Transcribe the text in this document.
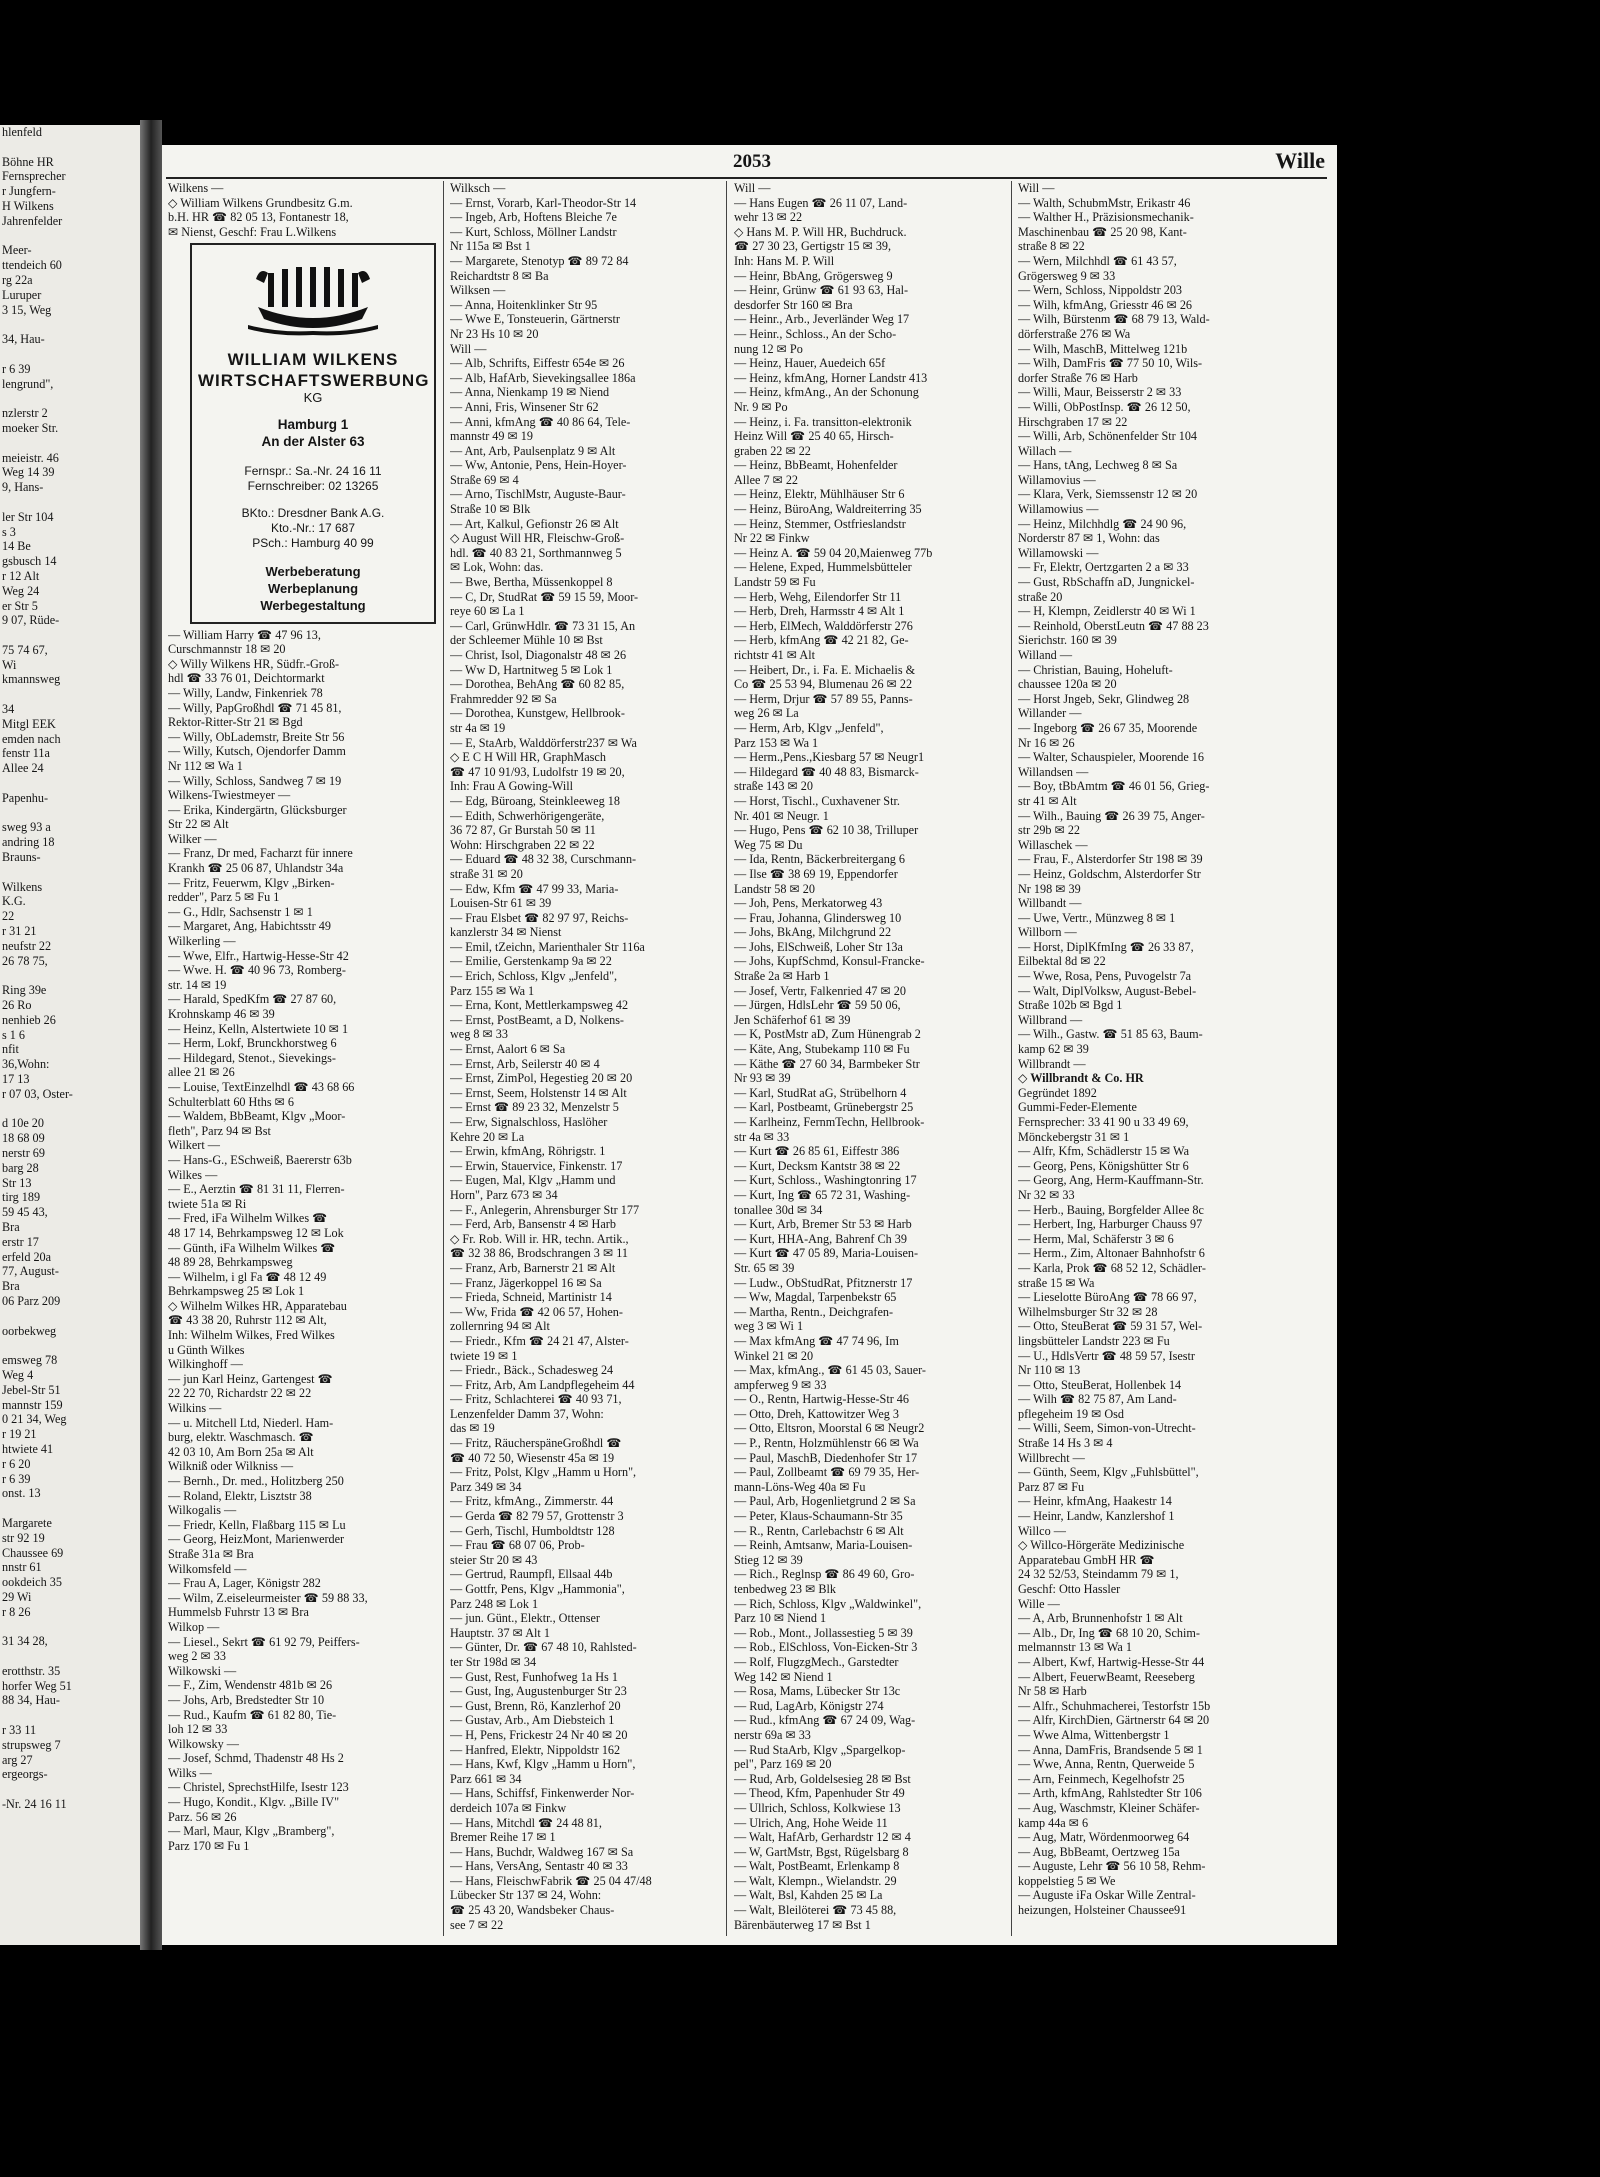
hlenfeld

Böhne HR
Fernsprecher
r Jungfern-
H Wilkens
Jahrenfelder

Meer-
ttendeich 60
rg 22a
Luruper
3 15, Weg

34, Hau-

r 6 39
lengrund",

nzlerstr 2
moeker Str.

meieistr. 46
Weg 14 39
9, Hans-

ler Str 104
s 3
14 Be
gsbusch 14
r 12 Alt
Weg 24
er Str 5
9 07, Rüde-

75 74 67,
Wi
kmannsweg

34
Mitgl EEK
emden nach
fenstr 11a
Allee 24

Papenhu-

sweg 93 a
andring 18
Brauns-

Wilkens
K.G.
22
r 31 21
neufstr 22
26 78 75,

Ring 39e
26 Ro
nenhieb 26
s 1 6
nfit
36,Wohn:
17 13
r 07 03, Oster-

d 10e 20
18 68 09
nerstr 69
barg 28
Str 13
tirg 189
59 45 43,
Bra
erstr 17
erfeld 20a
77, August-
Bra
06 Parz 209

oorbekweg

emsweg 78
Weg 4
Jebel-Str 51
mannstr 159
0 21 34, Weg
r 19 21
htwiete 41
r 6 20
r 6 39
onst. 13

Margarete
str 92 19
Chaussee 69
nnstr 61
ookdeich 35
29 Wi
r 8 26

31 34 28,

erotthstr. 35
horfer Weg 51
88 34, Hau-

r 33 11
strupsweg 7
arg 27
ergeorgs-

-Nr. 24 16 11
2053	Wille
Wilkens —
◇ William Wilkens Grundbesitz G.m.
b.H. HR ☎ 82 05 13, Fontanestr 18,
✉ Nienst, Geschf: Frau L.Wilkens
WILLIAM WILKENS
WIRTSCHAFTSWERBUNG
KG
Hamburg 1
An der Alster 63
Fernspr.: Sa.-Nr. 24 16 11
Fernschreiber: 02 13265
BKto.: Dresdner Bank A.G.
Kto.-Nr.: 17 687
PSch.: Hamburg 40 99
Werbeberatung
Werbeplanung
Werbegestaltung
— William Harry ☎ 47 96 13,
Curschmannstr 18 ✉ 20
◇ Willy Wilkens HR, Südfr.-Groß-
hdl ☎ 33 76 01, Deichtormarkt
— Willy, Landw, Finkenriek 78
— Willy, PapGroßhdl ☎ 71 45 81,
Rektor-Ritter-Str 21 ✉ Bgd
— Willy, ObLademstr, Breite Str 56
— Willy, Kutsch, Ojendorfer Damm
Nr 112 ✉ Wa 1
— Willy, Schloss, Sandweg 7 ✉ 19
Wilkens-Twiestmeyer —
— Erika, Kindergärtn, Glücksburger
Str 22 ✉ Alt
Wilker —
— Franz, Dr med, Facharzt für innere
Krankh ☎ 25 06 87, Uhlandstr 34a
— Fritz, Feuerwm, Klgv „Birken-
redder", Parz 5 ✉ Fu 1
— G., Hdlr, Sachsenstr 1 ✉ 1
— Margaret, Ang, Habichtsstr 49
Wilkerling —
— Wwe, Elfr., Hartwig-Hesse-Str 42
— Wwe. H. ☎ 40 96 73, Romberg-
str. 14 ✉ 19
— Harald, SpedKfm ☎ 27 87 60,
Krohnskamp 46 ✉ 39
— Heinz, Kelln, Alstertwiete 10 ✉ 1
— Herm, Lokf, Brunckhorstweg 6
— Hildegard, Stenot., Sievekings-
allee 21 ✉ 26
— Louise, TextEinzelhdl ☎ 43 68 66
Schulterblatt 60 Hths ✉ 6
— Waldem, BbBeamt, Klgv „Moor-
fleth", Parz 94 ✉ Bst
Wilkert —
— Hans-G., ESchweiß, Baererstr 63b
Wilkes —
— E., Aerztin ☎ 81 31 11, Flerren-
twiete 51a ✉ Ri
— Fred, iFa Wilhelm Wilkes ☎
48 17 14, Behrkampsweg 12 ✉ Lok
— Günth, iFa Wilhelm Wilkes ☎
48 89 28, Behrkampsweg
— Wilhelm, i gl Fa ☎ 48 12 49
Behrkampsweg 25 ✉ Lok 1
◇ Wilhelm Wilkes HR, Apparatebau
☎ 43 38 20, Ruhrstr 112 ✉ Alt,
Inh: Wilhelm Wilkes, Fred Wilkes
u Günth Wilkes
Wilkinghoff —
— jun Karl Heinz, Gartengest ☎
22 22 70, Richardstr 22 ✉ 22
Wilkins —
— u. Mitchell Ltd, Niederl. Ham-
burg, elektr. Waschmasch. ☎
42 03 10, Am Born 25a ✉ Alt
Wilkniß oder Wilkniss —
— Bernh., Dr. med., Holitzberg 250
— Roland, Elektr, Lisztstr 38
Wilkogalis —
— Friedr, Kelln, Flaßbarg 115 ✉ Lu
— Georg, HeizMont, Marienwerder
Straße 31a ✉ Bra
Wilkomsfeld —
— Frau A, Lager, Königstr 282
— Wilm, Z.eiseleurmeister ☎ 59 88 33,
Hummelsb Fuhrstr 13 ✉ Bra
Wilkop —
— Liesel., Sekrt ☎ 61 92 79, Peiffers-
weg 2 ✉ 33
Wilkowski —
— F., Zim, Wendenstr 481b ✉ 26
— Johs, Arb, Bredstedter Str 10
— Rud., Kaufm ☎ 61 82 80, Tie-
loh 12 ✉ 33
Wilkowsky —
— Josef, Schmd, Thadenstr 48 Hs 2
Wilks —
— Christel, SprechstHilfe, Isestr 123
— Hugo, Kondit., Klgv. „Bille IV"
Parz. 56 ✉ 26
— Marl, Maur, Klgv „Bramberg",
Parz 170 ✉ Fu 1
Wilksch —
— Ernst, Vorarb, Karl-Theodor-Str 14
— Ingeb, Arb, Hoftens Bleiche 7e
— Kurt, Schloss, Möllner Landstr
Nr 115a ✉ Bst 1
— Margarete, Stenotyp ☎ 89 72 84
Reichardtstr 8 ✉ Ba
Wilksen —
— Anna, Hoitenklinker Str 95
— Wwe E, Tonsteuerin, Gärtnerstr
Nr 23 Hs 10 ✉ 20
Will —
— Alb, Schrifts, Eiffestr 654e ✉ 26
— Alb, HafArb, Sievekingsallee 186a
— Anna, Nienkamp 19 ✉ Niend
— Anni, Fris, Winsener Str 62
— Anni, kfmAng ☎ 40 86 64, Tele-
mannstr 49 ✉ 19
— Ant, Arb, Paulsenplatz 9 ✉ Alt
— Ww, Antonie, Pens, Hein-Hoyer-
Straße 69 ✉ 4
— Arno, TischlMstr, Auguste-Baur-
Straße 10 ✉ Blk
— Art, Kalkul, Gefionstr 26 ✉ Alt
◇ August Will HR, Fleischw-Groß-
hdl. ☎ 40 83 21, Sorthmannweg 5
✉ Lok, Wohn: das.
— Bwe, Bertha, Müssenkoppel 8
— C, Dr, StudRat ☎ 59 15 59, Moor-
reye 60 ✉ La 1
— Carl, GrünwHdlr. ☎ 73 31 15, An
der Schleemer Mühle 10 ✉ Bst
— Christ, Isol, Diagonalstr 48 ✉ 26
— Ww D, Hartnitweg 5 ✉ Lok 1
— Dorothea, BehAng ☎ 60 82 85,
Frahmredder 92 ✉ Sa
— Dorothea, Kunstgew, Hellbrook-
str 4a ✉ 19
— E, StaArb, Walddörferstr237 ✉ Wa
◇ E C H Will HR, GraphMasch
☎ 47 10 91/93, Ludolfstr 19 ✉ 20,
Inh: Frau A Gowing-Will
— Edg, Büroang, Steinkleeweg 18
— Edith, Schwerhörigengeräte,
36 72 87, Gr Burstah 50 ✉ 11
Wohn: Hirschgraben 22 ✉ 22
— Eduard ☎ 48 32 38, Curschmann-
straße 31 ✉ 20
— Edw, Kfm ☎ 47 99 33, Maria-
Louisen-Str 61 ✉ 39
— Frau Elsbet ☎ 82 97 97, Reichs-
kanzlerstr 34 ✉ Nienst
— Emil, tZeichn, Marienthaler Str 116a
— Emilie, Gerstenkamp 9a ✉ 22
— Erich, Schloss, Klgv „Jenfeld",
Parz 155 ✉ Wa 1
— Erna, Kont, Mettlerkampsweg 42
— Ernst, PostBeamt, a D, Nolkens-
weg 8 ✉ 33
— Ernst, Aalort 6 ✉ Sa
— Ernst, Arb, Seilerstr 40 ✉ 4
— Ernst, ZimPol, Hegestieg 20 ✉ 20
— Ernst, Seem, Holstenstr 14 ✉ Alt
— Ernst ☎ 89 23 32, Menzelstr 5
— Erw, Signalschloss, Haslöher
Kehre 20 ✉ La
— Erwin, kfmAng, Röhrigstr. 1
— Erwin, Stauervice, Finkenstr. 17
— Eugen, Mal, Klgv „Hamm und
Horn", Parz 673 ✉ 34
— F., Anlegerin, Ahrensburger Str 177
— Ferd, Arb, Bansenstr 4 ✉ Harb
◇ Fr. Rob. Will ir. HR, techn. Artik.,
☎ 32 38 86, Brodschrangen 3 ✉ 11
— Franz, Arb, Barnerstr 21 ✉ Alt
— Franz, Jägerkoppel 16 ✉ Sa
— Frieda, Schneid, Martinistr 14
— Ww, Frida ☎ 42 06 57, Hohen-
zollernring 94 ✉ Alt
— Friedr., Kfm ☎ 24 21 47, Alster-
twiete 19 ✉ 1
— Friedr., Bäck., Schadesweg 24
— Fritz, Arb, Am Landpflegeheim 44
— Fritz, Schlachterei ☎ 40 93 71,
Lenzenfelder Damm 37, Wohn:
das ✉ 19
— Fritz, RäucherspäneGroßhdl ☎
☎ 40 72 50, Wiesenstr 45a ✉ 19
— Fritz, Polst, Klgv „Hamm u Horn",
Parz 349 ✉ 34
— Fritz, kfmAng., Zimmerstr. 44
— Gerda ☎ 82 79 57, Grottenstr 3
— Gerh, Tischl, Humboldtstr 128
— Frau ☎ 68 07 06, Prob-
steier Str 20 ✉ 43
— Gertrud, Raumpfl, Ellsaal 44b
— Gottfr, Pens, Klgv „Hammonia",
Parz 248 ✉ Lok 1
— jun. Günt., Elektr., Ottenser
Hauptstr. 37 ✉ Alt 1
— Günter, Dr. ☎ 67 48 10, Rahlsted-
ter Str 198d ✉ 34
— Gust, Rest, Funhofweg 1a Hs 1
— Gust, Ing, Augustenburger Str 23
— Gust, Brenn, Rö, Kanzlerhof 20
— Gustav, Arb., Am Diebsteich 1
— H, Pens, Frickestr 24 Nr 40 ✉ 20
— Hanfred, Elektr, Nippoldstr 162
— Hans, Kwf, Klgv „Hamm u Horn",
Parz 661 ✉ 34
— Hans, Schiffsf, Finkenwerder Nor-
derdeich 107a ✉ Finkw
— Hans, Mitchdl ☎ 24 48 81,
Bremer Reihe 17 ✉ 1
— Hans, Buchdr, Waldweg 167 ✉ Sa
— Hans, VersAng, Sentastr 40 ✉ 33
— Hans, FleischwFabrik ☎ 25 04 47/48
Lübecker Str 137 ✉ 24, Wohn:
☎ 25 43 20, Wandsbeker Chaus-
see 7 ✉ 22
Will —
— Hans Eugen ☎ 26 11 07, Land-
wehr 13 ✉ 22
◇ Hans M. P. Will HR, Buchdruck.
☎ 27 30 23, Gertigstr 15 ✉ 39,
Inh: Hans M. P. Will
— Heinr, BbAng, Grögersweg 9
— Heinr, Grünw ☎ 61 93 63, Hal-
desdorfer Str 160 ✉ Bra
— Heinr., Arb., Jeverländer Weg 17
— Heinr., Schloss., An der Scho-
nung 12 ✉ Po
— Heinz, Hauer, Auedeich 65f
— Heinz, kfmAng, Horner Landstr 413
— Heinz, kfmAng., An der Schonung
Nr. 9 ✉ Po
— Heinz, i. Fa. transitton-elektronik
Heinz Will ☎ 25 40 65, Hirsch-
graben 22 ✉ 22
— Heinz, BbBeamt, Hohenfelder
Allee 7 ✉ 22
— Heinz, Elektr, Mühlhäuser Str 6
— Heinz, BüroAng, Waldreiterring 35
— Heinz, Stemmer, Ostfrieslandstr
Nr 22 ✉ Finkw
— Heinz A. ☎ 59 04 20,Maienweg 77b
— Helene, Exped, Hummelsbütteler
Landstr 59 ✉ Fu
— Herb, Wehg, Eilendorfer Str 11
— Herb, Dreh, Harmsstr 4 ✉ Alt 1
— Herb, ElMech, Walddörferstr 276
— Herb, kfmAng ☎ 42 21 82, Ge-
richtstr 41 ✉ Alt
— Heibert, Dr., i. Fa. E. Michaelis &
Co ☎ 25 53 94, Blumenau 26 ✉ 22
— Herm, Drjur ☎ 57 89 55, Panns-
weg 26 ✉ La
— Herm, Arb, Klgv „Jenfeld",
Parz 153 ✉ Wa 1
— Herm.,Pens.,Kiesbarg 57 ✉ Neugr1
— Hildegard ☎ 40 48 83, Bismarck-
straße 143 ✉ 20
— Horst, Tischl., Cuxhavener Str.
Nr. 401 ✉ Neugr. 1
— Hugo, Pens ☎ 62 10 38, Trilluper
Weg 75 ✉ Du
— Ida, Rentn, Bäckerbreitergang 6
— Ilse ☎ 38 69 19, Eppendorfer
Landstr 58 ✉ 20
— Joh, Pens, Merkatorweg 43
— Frau, Johanna, Glindersweg 10
— Johs, BkAng, Milchgrund 22
— Johs, ElSchweiß, Loher Str 13a
— Johs, KupfSchmd, Konsul-Francke-
Straße 2a ✉ Harb 1
— Josef, Vertr, Falkenried 47 ✉ 20
— Jürgen, HdlsLehr ☎ 59 50 06,
Jen Schäferhof 61 ✉ 39
— K, PostMstr aD, Zum Hünengrab 2
— Käte, Ang, Stubekamp 110 ✉ Fu
— Käthe ☎ 27 60 34, Barmbeker Str
Nr 93 ✉ 39
— Karl, StudRat aG, Strübelhorn 4
— Karl, Postbeamt, Grünebergstr 25
— Karlheinz, FernmTechn, Hellbrook-
str 4a ✉ 33
— Kurt ☎ 26 85 61, Eiffestr 386
— Kurt, Decksm Kantstr 38 ✉ 22
— Kurt, Schloss., Washingtonring 17
— Kurt, Ing ☎ 65 72 31, Washing-
tonallee 30d ✉ 34
— Kurt, Arb, Bremer Str 53 ✉ Harb
— Kurt, HHA-Ang, Bahrenf Ch 39
— Kurt ☎ 47 05 89, Maria-Louisen-
Str. 65 ✉ 39
— Ludw., ObStudRat, Pfitznerstr 17
— Ww, Magdal, Tarpenbekstr 65
— Martha, Rentn., Deichgrafen-
weg 3 ✉ Wi 1
— Max kfmAng ☎ 47 74 96, Im
Winkel 21 ✉ 20
— Max, kfmAng., ☎ 61 45 03, Sauer-
ampferweg 9 ✉ 33
— O., Rentn, Hartwig-Hesse-Str 46
— Otto, Dreh, Kattowitzer Weg 3
— Otto, Eltsron, Moorstal 6 ✉ Neugr2
— P., Rentn, Holzmühlenstr 66 ✉ Wa
— Paul, MaschB, Diedenhofer Str 17
— Paul, Zollbeamt ☎ 69 79 35, Her-
mann-Löns-Weg 40a ✉ Fu
— Paul, Arb, Hogenlietgrund 2 ✉ Sa
— Peter, Klaus-Schaumann-Str 35
— R., Rentn, Carlebachstr 6 ✉ Alt
— Reinh, Amtsanw, Maria-Louisen-
Stieg 12 ✉ 39
— Rich., Reglnsp ☎ 86 49 60, Gro-
tenbedweg 23 ✉ Blk
— Rich, Schloss, Klgv „Waldwinkel",
Parz 10 ✉ Niend 1
— Rob., Mont., Jollassestieg 5 ✉ 39
— Rob., ElSchloss, Von-Eicken-Str 3
— Rolf, FlugzgMech., Garstedter
Weg 142 ✉ Niend 1
— Rosa, Mams, Lübecker Str 13c
— Rud, LagArb, Königstr 274
— Rud., kfmAng ☎ 67 24 09, Wag-
nerstr 69a ✉ 33
— Rud StaArb, Klgv „Spargelkop-
pel", Parz 169 ✉ 20
— Rud, Arb, Goldelsesieg 28 ✉ Bst
— Theod, Kfm, Papenhuder Str 49
— Ullrich, Schloss, Kolkwiese 13
— Ulrich, Ang, Hohe Weide 11
— Walt, HafArb, Gerhardstr 12 ✉ 4
— W, GartMstr, Bgst, Rügelsbarg 8
— Walt, PostBeamt, Erlenkamp 8
— Walt, Klempn., Wielandstr. 29
— Walt, Bsl, Kahden 25 ✉ La
— Walt, Bleilöterei ☎ 73 45 88,
Bärenbäuterweg 17 ✉ Bst 1
Will —
— Walth, SchubmMstr, Erikastr 46
— Walther H., Präzisionsmechanik-
Maschinenbau ☎ 25 20 98, Kant-
straße 8 ✉ 22
— Wern, Milchhdl ☎ 61 43 57,
Grögersweg 9 ✉ 33
— Wern, Schloss, Nippoldstr 203
— Wilh, kfmAng, Griesstr 46 ✉ 26
— Wilh, Bürstenm ☎ 68 79 13, Wald-
dörferstraße 276 ✉ Wa
— Wilh, MaschB, Mittelweg 121b
— Wilh, DamFris ☎ 77 50 10, Wils-
dorfer Straße 76 ✉ Harb
— Willi, Maur, Beisserstr 2 ✉ 33
— Willi, ObPostInsp. ☎ 26 12 50,
Hirschgraben 17 ✉ 22
— Willi, Arb, Schönenfelder Str 104
Willach —
— Hans, tAng, Lechweg 8 ✉ Sa
Willamovius —
— Klara, Verk, Siemssenstr 12 ✉ 20
Willamowius —
— Heinz, Milchhdlg ☎ 24 90 96,
Norderstr 87 ✉ 1, Wohn: das
Willamowski —
— Fr, Elektr, Oertzgarten 2 a ✉ 33
— Gust, RbSchaffn aD, Jungnickel-
straße 20
— H, Klempn, Zeidlerstr 40 ✉ Wi 1
— Reinhold, OberstLeutn ☎ 47 88 23
Sierichstr. 160 ✉ 39
Willand —
— Christian, Bauing, Hoheluft-
chaussee 120a ✉ 20
— Horst Jngeb, Sekr, Glindweg 28
Willander —
— Ingeborg ☎ 26 67 35, Moorende
Nr 16 ✉ 26
— Walter, Schauspieler, Moorende 16
Willandsen —
— Boy, tBbAmtm ☎ 46 01 56, Grieg-
str 41 ✉ Alt
— Wilh., Bauing ☎ 26 39 75, Anger-
str 29b ✉ 22
Willaschek —
— Frau, F., Alsterdorfer Str 198 ✉ 39
— Heinz, Goldschm, Alsterdorfer Str
Nr 198 ✉ 39
Willbandt —
— Uwe, Vertr., Münzweg 8 ✉ 1
Willborn —
— Horst, DiplKfmIng ☎ 26 33 87,
Eilbektal 8d ✉ 22
— Wwe, Rosa, Pens, Puvogelstr 7a
— Walt, DiplVolksw, August-Bebel-
Straße 102b ✉ Bgd 1
Willbrand —
— Wilh., Gastw. ☎ 51 85 63, Baum-
kamp 62 ✉ 39
Willbrandt —
◇ Willbrandt & Co. HR
Gegründet 1892
Gummi-Feder-Elemente
Fernsprecher: 33 41 90 u 33 49 69,
Mönckebergstr 31 ✉ 1
— Alfr, Kfm, Schädlerstr 15 ✉ Wa
— Georg, Pens, Königshütter Str 6
— Georg, Ang, Herm-Kauffmann-Str.
Nr 32 ✉ 33
— Herb., Bauing, Borgfelder Allee 8c
— Herbert, Ing, Harburger Chauss 97
— Herm, Mal, Schäferstr 3 ✉ 6
— Herm., Zim, Altonaer Bahnhofstr 6
— Karla, Prok ☎ 68 52 12, Schädler-
straße 15 ✉ Wa
— Lieselotte BüroAng ☎ 78 66 97,
Wilhelmsburger Str 32 ✉ 28
— Otto, SteuBerat ☎ 59 31 57, Wel-
lingsbütteler Landstr 223 ✉ Fu
— U., HdlsVertr ☎ 48 59 57, Isestr
Nr 110 ✉ 13
— Otto, SteuBerat, Hollenbek 14
— Wilh ☎ 82 75 87, Am Land-
pflegeheim 19 ✉ Osd
— Willi, Seem, Simon-von-Utrecht-
Straße 14 Hs 3 ✉ 4
Willbrecht —
— Günth, Seem, Klgv „Fuhlsbüttel",
Parz 87 ✉ Fu
— Heinr, kfmAng, Haakestr 14
— Heinr, Landw, Kanzlershof 1
Willco —
◇ Willco-Hörgeräte Medizinische
Apparatebau GmbH HR ☎
24 32 52/53, Steindamm 79 ✉ 1,
Geschf: Otto Hassler
Wille —
— A, Arb, Brunnenhofstr 1 ✉ Alt
— Alb., Dr, Ing ☎ 68 10 20, Schim-
melmannstr 13 ✉ Wa 1
— Albert, Kwf, Hartwig-Hesse-Str 44
— Albert, FeuerwBeamt, Reeseberg
Nr 58 ✉ Harb
— Alfr., Schuhmacherei, Testorfstr 15b
— Alfr, KirchDien, Gärtnerstr 64 ✉ 20
— Wwe Alma, Wittenbergstr 1
— Anna, DamFris, Brandsende 5 ✉ 1
— Wwe, Anna, Rentn, Querweide 5
— Arn, Feinmech, Kegelhofstr 25
— Arth, kfmAng, Rahlstedter Str 106
— Aug, Waschmstr, Kleiner Schäfer-
kamp 44a ✉ 6
— Aug, Matr, Wördenmoorweg 64
— Aug, BbBeamt, Oertzweg 15a
— Auguste, Lehr ☎ 56 10 58, Rehm-
koppelstieg 5 ✉ We
— Auguste iFa Oskar Wille Zentral-
heizungen, Holsteiner Chaussee91
